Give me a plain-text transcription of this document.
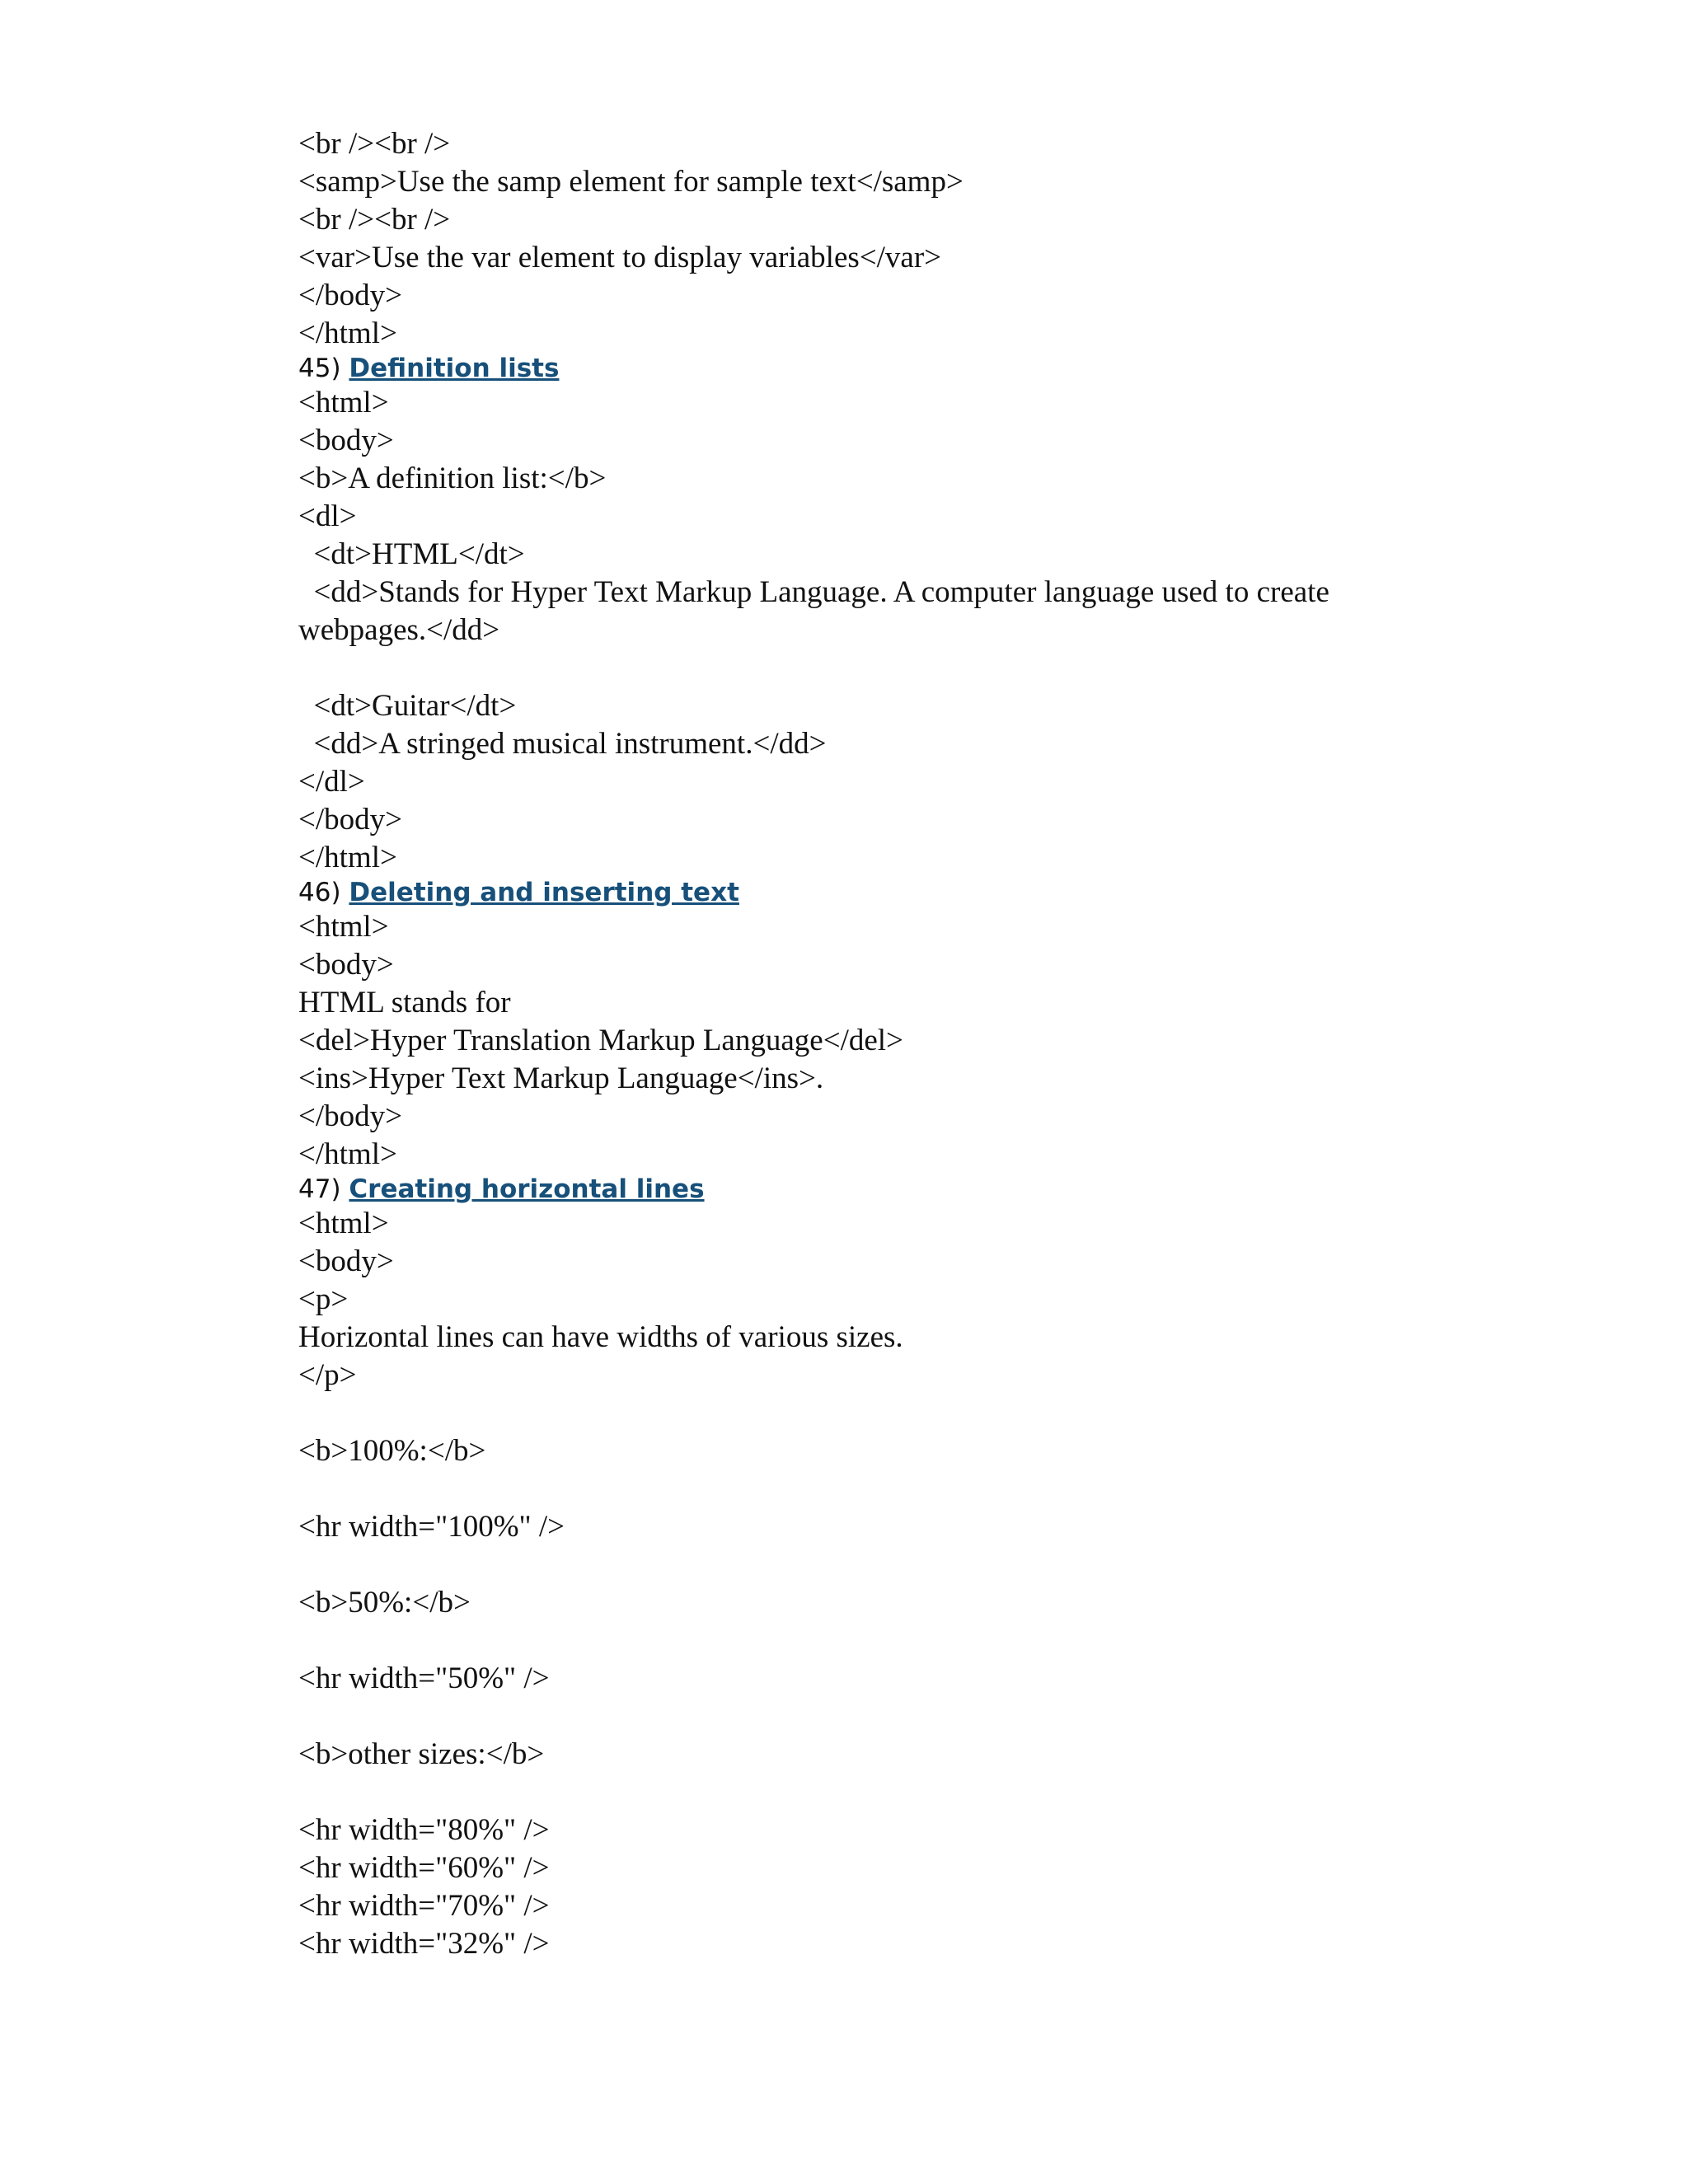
<br /><br />
<samp>Use the samp element for sample text</samp>
<br /><br />
<var>Use the var element to display variables</var>
</body>
</html>
45) Definition lists
<html>
<body>
<b>A definition list:</b>
<dl>
<dt>HTML</dt>
<dd>Stands for Hyper Text Markup Language. A computer language used to create
webpages.</dd>
<dt>Guitar</dt>
<dd>A stringed musical instrument.</dd>
</dl>
</body>
</html>
46) Deleting and inserting text
<html>
<body>
HTML stands for
<del>Hyper Translation Markup Language</del>
<ins>Hyper Text Markup Language</ins>.
</body>
</html>
47) Creating horizontal lines
<html>
<body>
<p>
Horizontal lines can have widths of various sizes.
</p>
<b>100%:</b>
<hr width="100%" />
<b>50%:</b>
<hr width="50%" />
<b>other sizes:</b>
<hr width="80%" />
<hr width="60%" />
<hr width="70%" />
<hr width="32%" />
